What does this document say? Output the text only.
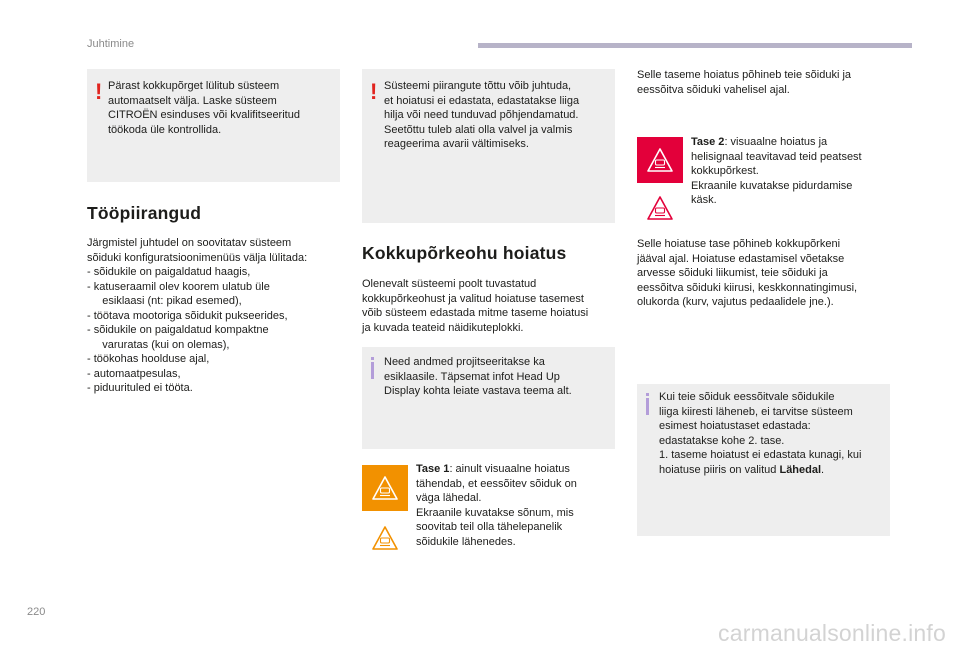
Juhtimine
! Pärast kokkupõrget lülitub süsteem

automaatselt välja. Laske süsteem

CITROËN esinduses või kvalifitseeritud

töökoda üle kontrollida.

Tööpiirangud
Järgmistel juhtudel on soovitatav süsteem
sõiduki konfiguratsioonimenüüs välja lülitada:
- sõidukile on paigaldatud haagis,
- katuseraamil olev koorem ulatub üle
esiklaasi (nt: pikad esemed),
- töötava mootoriga sõidukit pukseerides,
- sõidukile on paigaldatud kompaktne
varuratas (kui on olemas),
- töökohas hoolduse ajal,
- automaatpesulas,
- piduurituled ei tööta.
! Süsteemi piirangute tõttu võib juhtuda,

et hoiatusi ei edastata, edastatakse liiga

hilja või need tunduvad põhjendamatud.

Seetõttu tuleb alati olla valvel ja valmis

reageerima avarii vältimiseks.

Kokkupõrkeohu hoiatus
Olenevalt süsteemi poolt tuvastatud
kokkupõrkeohust ja valitud hoiatuse tasemest
võib süsteem edastada mitme taseme hoiatusi
ja kuvada teateid näidikuteplokki.

Need andmed projitseeritakse ka

esiklaasile. Täpsemat infot Head Up

Display kohta leiate vastava teema alt.

Tase 1: ainult visuaalne hoiatus
tähendab, et eessõitev sõiduk on
väga lähedal.
Ekraanile kuvatakse sõnum, mis
soovitab teil olla tähelepanelik
sõidukile lähenedes.
Selle taseme hoiatus põhineb teie sõiduki ja
eessõitva sõiduki vahelisel ajal.
Tase 2: visuaalne hoiatus ja
helisignaal teavitavad teid peatsest
kokkupõrkest.
Ekraanile kuvatakse pidurdamise
käsk.
Selle hoiatuse tase põhineb kokkupõrkeni
jääval ajal. Hoiatuse edastamisel võetakse
arvesse sõiduki liikumist, teie sõiduki ja
eessõitva sõiduki kiirusi, keskkonnatingimusi,
olukorda (kurv, vajutus pedaalidele jne.).

Kui teie sõiduk eessõitvale sõidukile

liiga kiiresti läheneb, ei tarvitse süsteem

esimest hoiatustaset edastada:

edastatakse kohe 2. tase.

1. taseme hoiatust ei edastata kunagi, kui

hoiatuse piiris on valitud Lähedal.

220
carmanualsonline.info
